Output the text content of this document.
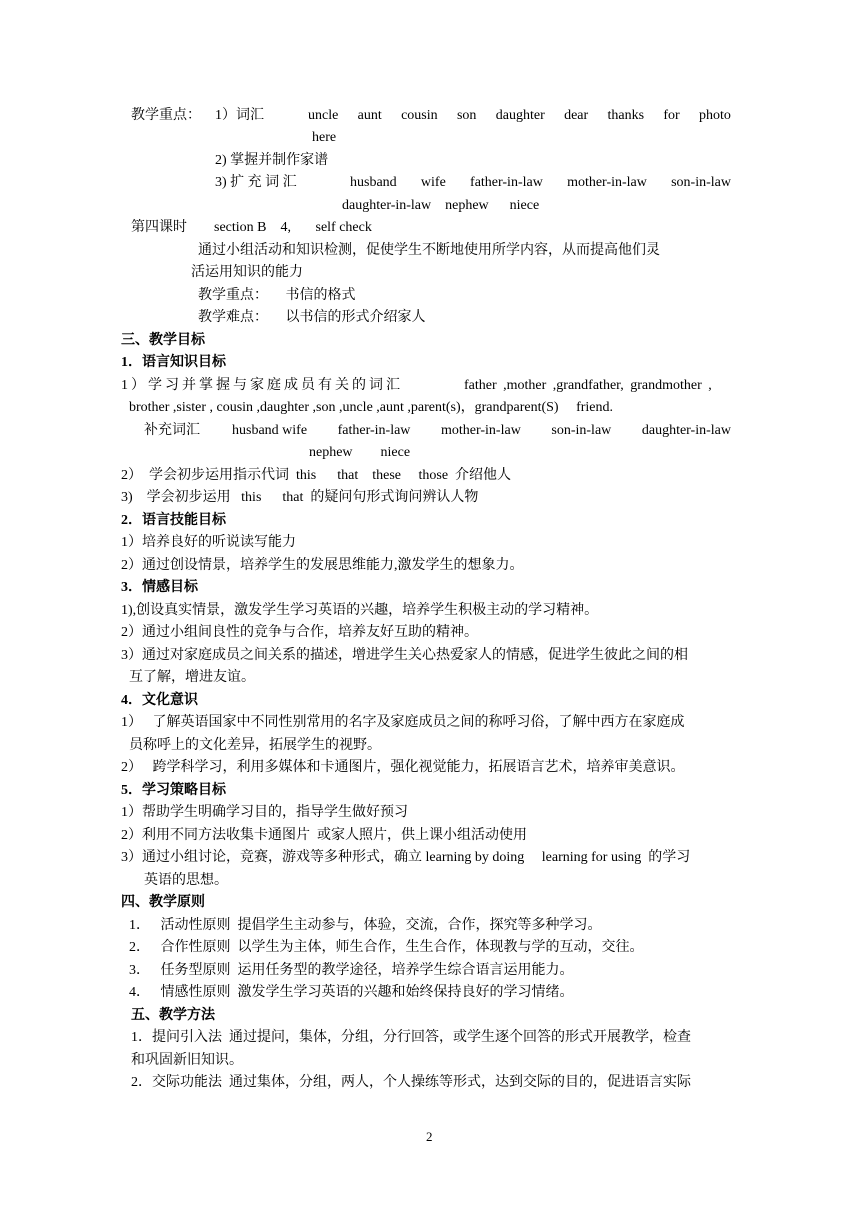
教学重点： 1）词汇	uncle aunt cousin son daughter dear thanks for photo
here
2) 掌握并制作家谱
3) 扩 充 词 汇	husband wife father-in-law mother-in-law son-in-law
daughter-in-law    nephew      niece
第四课时 section B    4,       self check
通过小组活动和知识检测，促使学生不断地使用所学内容，从而提高他们灵
活运用知识的能力
教学重点：     书信的格式
教学难点：     以书信的形式介绍家人
三、教学目标
1．语言知识目标
1）学习并掌握与家庭成员有关的词汇	father ,mother ,grandfather, grandmother ,
brother ,sister , cousin ,daughter ,son ,uncle ,aunt ,parent(s)，grandparent(S)     friend.
补充词汇 husband wife father-in-law mother-in-law son-in-law daughter-in-law
nephew        niece
2）  学会初步运用指示代词  this      that    these     those  介绍他人
3)    学会初步运用   this      that  的疑问句形式询问辨认人物
2．语言技能目标
1）培养良好的听说读写能力
2）通过创设情景，培养学生的发展思维能力,激发学生的想象力。
3．情感目标
1),创设真实情景，激发学生学习英语的兴趣，培养学生积极主动的学习精神。
2）通过小组间良性的竞争与合作，培养友好互助的精神。
3）通过对家庭成员之间关系的描述，增进学生关心热爱家人的情感，促进学生彼此之间的相
互了解，增进友谊。
4．文化意识
1）   了解英语国家中不同性别常用的名字及家庭成员之间的称呼习俗，了解中西方在家庭成
员称呼上的文化差异，拓展学生的视野。
2）   跨学科学习，利用多媒体和卡通图片，强化视觉能力，拓展语言艺术，培养审美意识。
5．学习策略目标
1）帮助学生明确学习目的，指导学生做好预习
2）利用不同方法收集卡通图片  或家人照片，供上课小组活动使用
3）通过小组讨论，竞赛，游戏等多种形式，确立 learning by doing     learning for using  的学习
英语的思想。
四、教学原则
1．   活动性原则  提倡学生主动参与，体验，交流，合作，探究等多种学习。
2．   合作性原则  以学生为主体，师生合作，生生合作，体现教与学的互动，交往。
3．   任务型原则  运用任务型的教学途径，培养学生综合语言运用能力。
4．   情感性原则  激发学生学习英语的兴趣和始终保持良好的学习情绪。
五、教学方法
1．提问引入法  通过提问，集体，分组，分行回答，或学生逐个回答的形式开展教学，检查
和巩固新旧知识。
2．交际功能法  通过集体，分组，两人，个人操练等形式，达到交际的目的，促进语言实际
2
